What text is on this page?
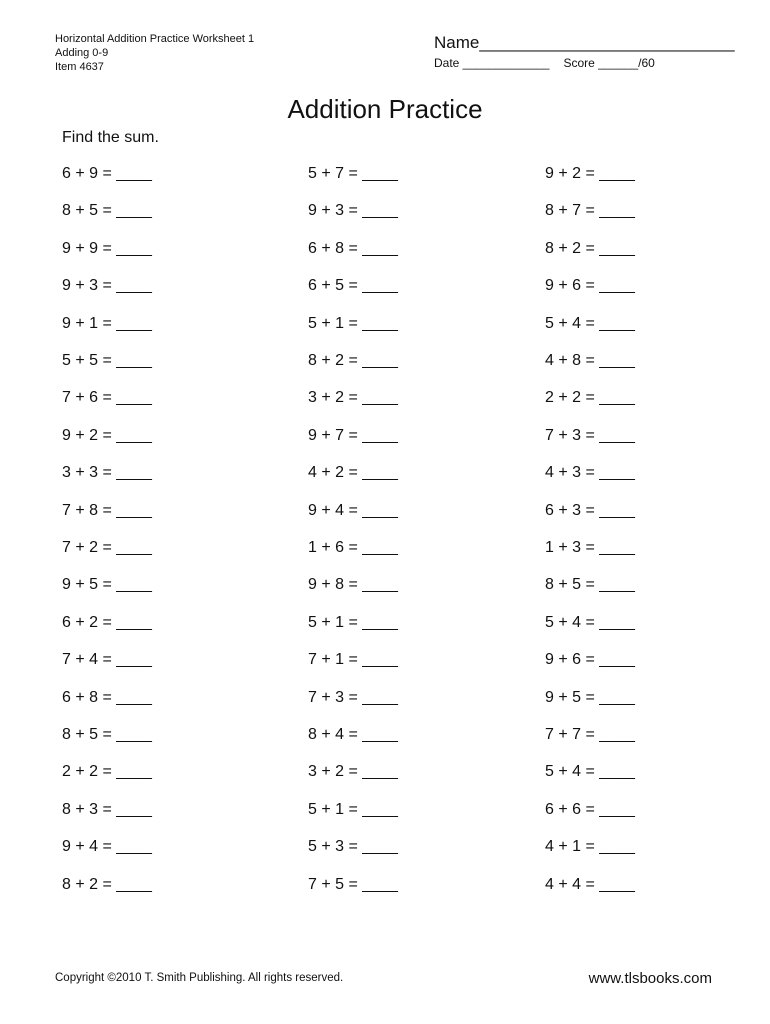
Horizontal Addition Practice Worksheet 1
Adding 0-9
Item 4637
Name___________________________
Date _____________ Score ______/60
Addition Practice
Find the sum.
6 + 9 = ____
8 + 5 = ____
9 + 9 = ____
9 + 3 = ____
9 + 1 = ____
5 + 5 = ____
7 + 6 = ____
9 + 2 = ____
3 + 3 = ____
7 + 8 = ____
7 + 2 = ____
9 + 5 = ____
6 + 2 = ____
7 + 4 = ____
6 + 8 = ____
8 + 5 = ____
2 + 2 = ____
8 + 3 = ____
9 + 4 = ____
8 + 2 = ____
5 + 7 = ____
9 + 3 = ____
6 + 8 = ____
6 + 5 = ____
5 + 1 = ____
8 + 2 = ____
3 + 2 = ____
9 + 7 = ____
4 + 2 = ____
9 + 4 = ____
1 + 6 = ____
9 + 8 = ____
5 + 1 = ____
7 + 1 = ____
7 + 3 = ____
8 + 4 = ____
3 + 2 = ____
5 + 1 = ____
5 + 3 = ____
7 + 5 = ____
9 + 2 = ____
8 + 7 = ____
8 + 2 = ____
9 + 6 = ____
5 + 4 = ____
4 + 8 = ____
2 + 2 = ____
7 + 3 = ____
4 + 3 = ____
6 + 3 = ____
1 + 3 = ____
8 + 5 = ____
5 + 4 = ____
9 + 6 = ____
9 + 5 = ____
7 + 7 = ____
5 + 4 = ____
6 + 6 = ____
4 + 1 = ____
4 + 4 = ____
Copyright ©2010 T. Smith Publishing. All rights reserved.	www.tlsbooks.com
